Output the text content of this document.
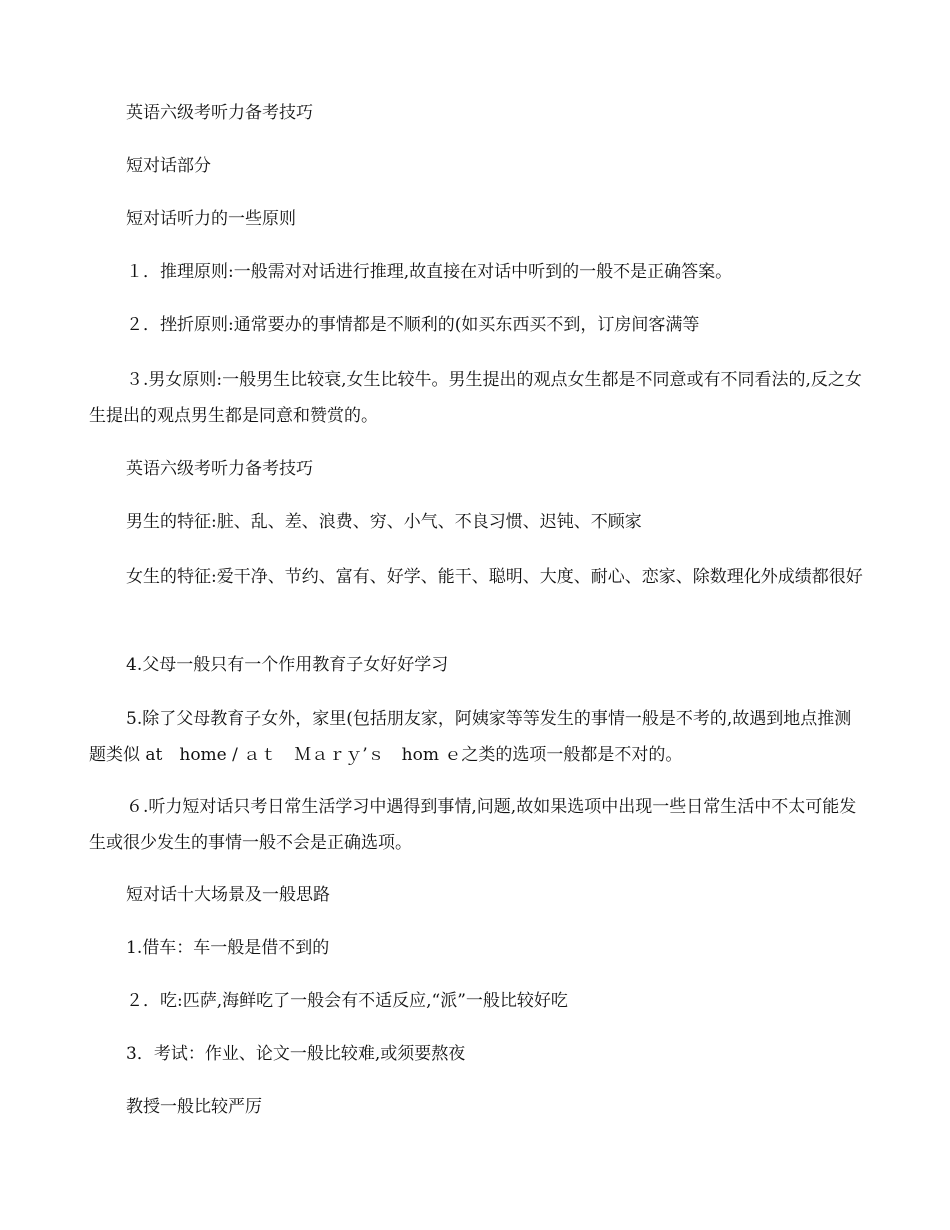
英语六级考听力备考技巧

短对话部分

短对话听力的一些原则

１．推理原则:一般需对对话进行推理,故直接在对话中听到的一般不是正确答案。

２．挫折原则:通常要办的事情都是不顺利的(如买东西买不到，订房间客满等

３.男女原则:一般男生比较衰,女生比较牛。男生提出的观点女生都是不同意或有不同看法的,反之女生提出的观点男生都是同意和赞赏的。

英语六级考听力备考技巧

男生的特征:脏、乱、差、浪费、穷、小气、不良习惯、迟钝、不顾家

女生的特征:爱干净、节约、富有、好学、能干、聪明、大度、耐心、恋家、除数理化外成绩都很好

4.父母一般只有一个作用教育子女好好学习

5.除了父母教育子女外，家里(包括朋友家，阿姨家等等发生的事情一般是不考的,故遇到地点推测题类似 at　home / ａｔ　Ｍａｒｙ’ｓ　hom ｅ之类的选项一般都是不对的。

６.听力短对话只考日常生活学习中遇得到事情,问题,故如果选项中出现一些日常生活中不太可能发生或很少发生的事情一般不会是正确选项。

短对话十大场景及一般思路

1.借车：车一般是借不到的

２．吃:匹萨,海鲜吃了一般会有不适反应,“派”一般比较好吃

3．考试：作业、论文一般比较难,或须要熬夜

教授一般比较严厉
